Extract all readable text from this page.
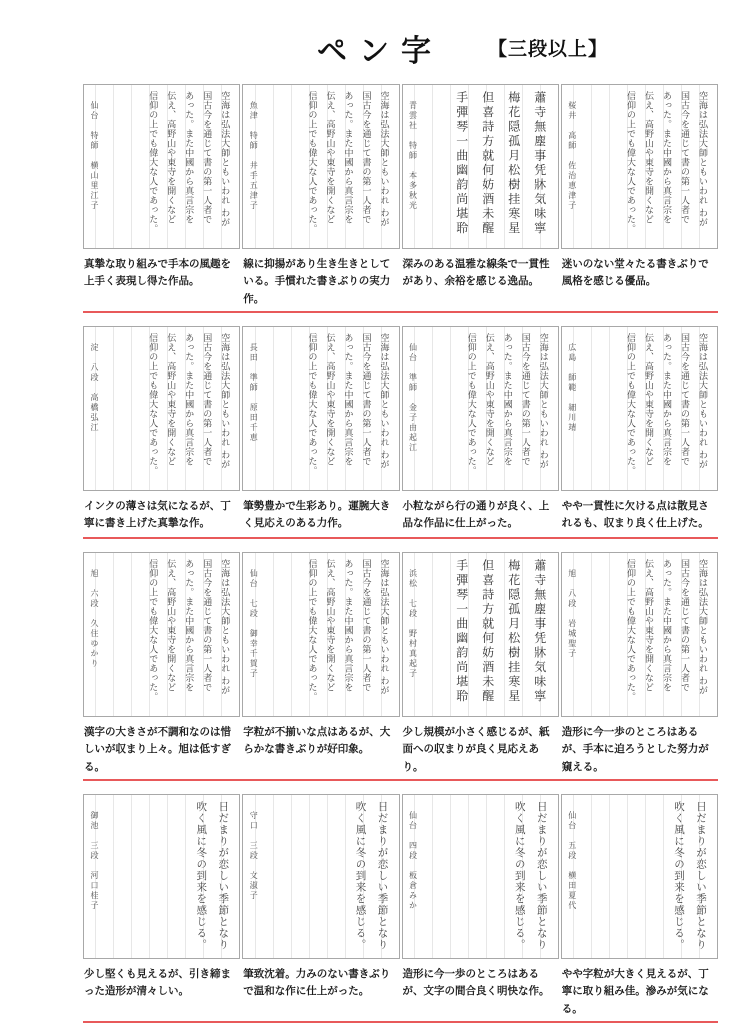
ペン字 【三段以上】
仙台　特師　横山里江子	空海は弘法大師ともいわれ わが
国古今を通じて書の第一人者で
あった。また中國から真言宗を
伝え、高野山や東寺を開くなど
信仰の上でも偉大な人であった。

真摯な取り組みで手本の風趣を上手く表現し得た作品。

魚津　特師　井手五津子	空海は弘法大師ともいわれ わが
国古今を通じて書の第一人者で
あった。また中國から真言宗を
伝え、高野山や東寺を開くなど
信仰の上でも偉大な人であった。

線に抑揚があり生き生きとしている。手慣れた書きぶりの実力作。

青雲社　特師　本多秋光	蕭寺無塵事凭牀気味寧
梅花隠孤月松樹挂寒星
但喜詩方就何妨酒未醒
手彈琴一曲幽韵尚堪聆

深みのある温雅な線条で一貫性があり、余裕を感じる逸品。

桜井　高師　佐治恵津子	空海は弘法大師ともいわれ わが
国古今を通じて書の第一人者で
あった。また中國から真言宗を
伝え、高野山や東寺を開くなど
信仰の上でも偉大な人であった。

迷いのない堂々たる書きぶりで風格を感じる優品。

淀　八段　高橋弘江	空海は弘法大師ともいわれ わが
国古今を通じて書の第一人者で
あった。また中國から真言宗を
伝え、高野山や東寺を開くなど
信仰の上でも偉大な人であった。

インクの薄さは気になるが、丁寧に書き上げた真摯な作。

長田　準師　原田千恵	空海は弘法大師ともいわれ わが
国古今を通じて書の第一人者で
あった。また中國から真言宗を
伝え、高野山や東寺を開くなど
信仰の上でも偉大な人であった。

筆勢豊かで生彩あり。運腕大きく見応えのある力作。

仙台　準師　金子由起江	空海は弘法大師ともいわれ わが
国古今を通じて書の第一人者で
あった。また中國から真言宗を
伝え、高野山や東寺を開くなど
信仰の上でも偉大な人であった。

小粒ながら行の通りが良く、上品な作品に仕上がった。

広島　師範　細川靖	空海は弘法大師ともいわれ わが
国古今を通じて書の第一人者で
あった。また中國から真言宗を
伝え、高野山や東寺を開くなど
信仰の上でも偉大な人であった。

やや一貫性に欠ける点は散見されるも、収まり良く仕上げた。

旭　六段　久住ゆかり	空海は弘法大師ともいわれ わが
国古今を通じて書の第一人者で
あった。また中國から真言宗を
伝え、高野山や東寺を開くなど
信仰の上でも偉大な人であった。

漢字の大きさが不調和なのは惜しいが収まり上々。旭は低すぎる。

仙台　七段　御幸千賀子	空海は弘法大師ともいわれ わが
国古今を通じて書の第一人者で
あった。また中國から真言宗を
伝え、高野山や東寺を開くなど
信仰の上でも偉大な人であった。

字粒が不揃いな点はあるが、大らかな書きぶりが好印象。

浜松　七段　野村真起子	蕭寺無塵事凭牀気味寧
梅花隠孤月松樹挂寒星
但喜詩方就何妨酒未醒
手彈琴一曲幽韵尚堪聆

少し規模が小さく感じるが、紙面への収まりが良く見応えあり。

旭　八段　岩城聖子	空海は弘法大師ともいわれ わが
国古今を通じて書の第一人者で
あった。また中國から真言宗を
伝え、高野山や東寺を開くなど
信仰の上でも偉大な人であった。

造形に今一歩のところはあるが、手本に迫ろうとした努力が窺える。

御池　三段　河口桂子	日だまりが恋しい季節となり
吹く風に冬の到来を感じる。

少し堅くも見えるが、引き締まった造形が清々しい。

守口　三段　文淑子	日だまりが恋しい季節となり
吹く風に冬の到来を感じる。

筆致沈着。力みのない書きぶりで温和な作に仕上がった。

仙台　四段　板倉みか	日だまりが恋しい季節となり
吹く風に冬の到来を感じる。

造形に今一歩のところはあるが、文字の間合良く明快な作。

仙台　五段　横田夏代	日だまりが恋しい季節となり
吹く風に冬の到来を感じる。

やや字粒が大きく見えるが、丁寧に取り組み佳。滲みが気になる。
